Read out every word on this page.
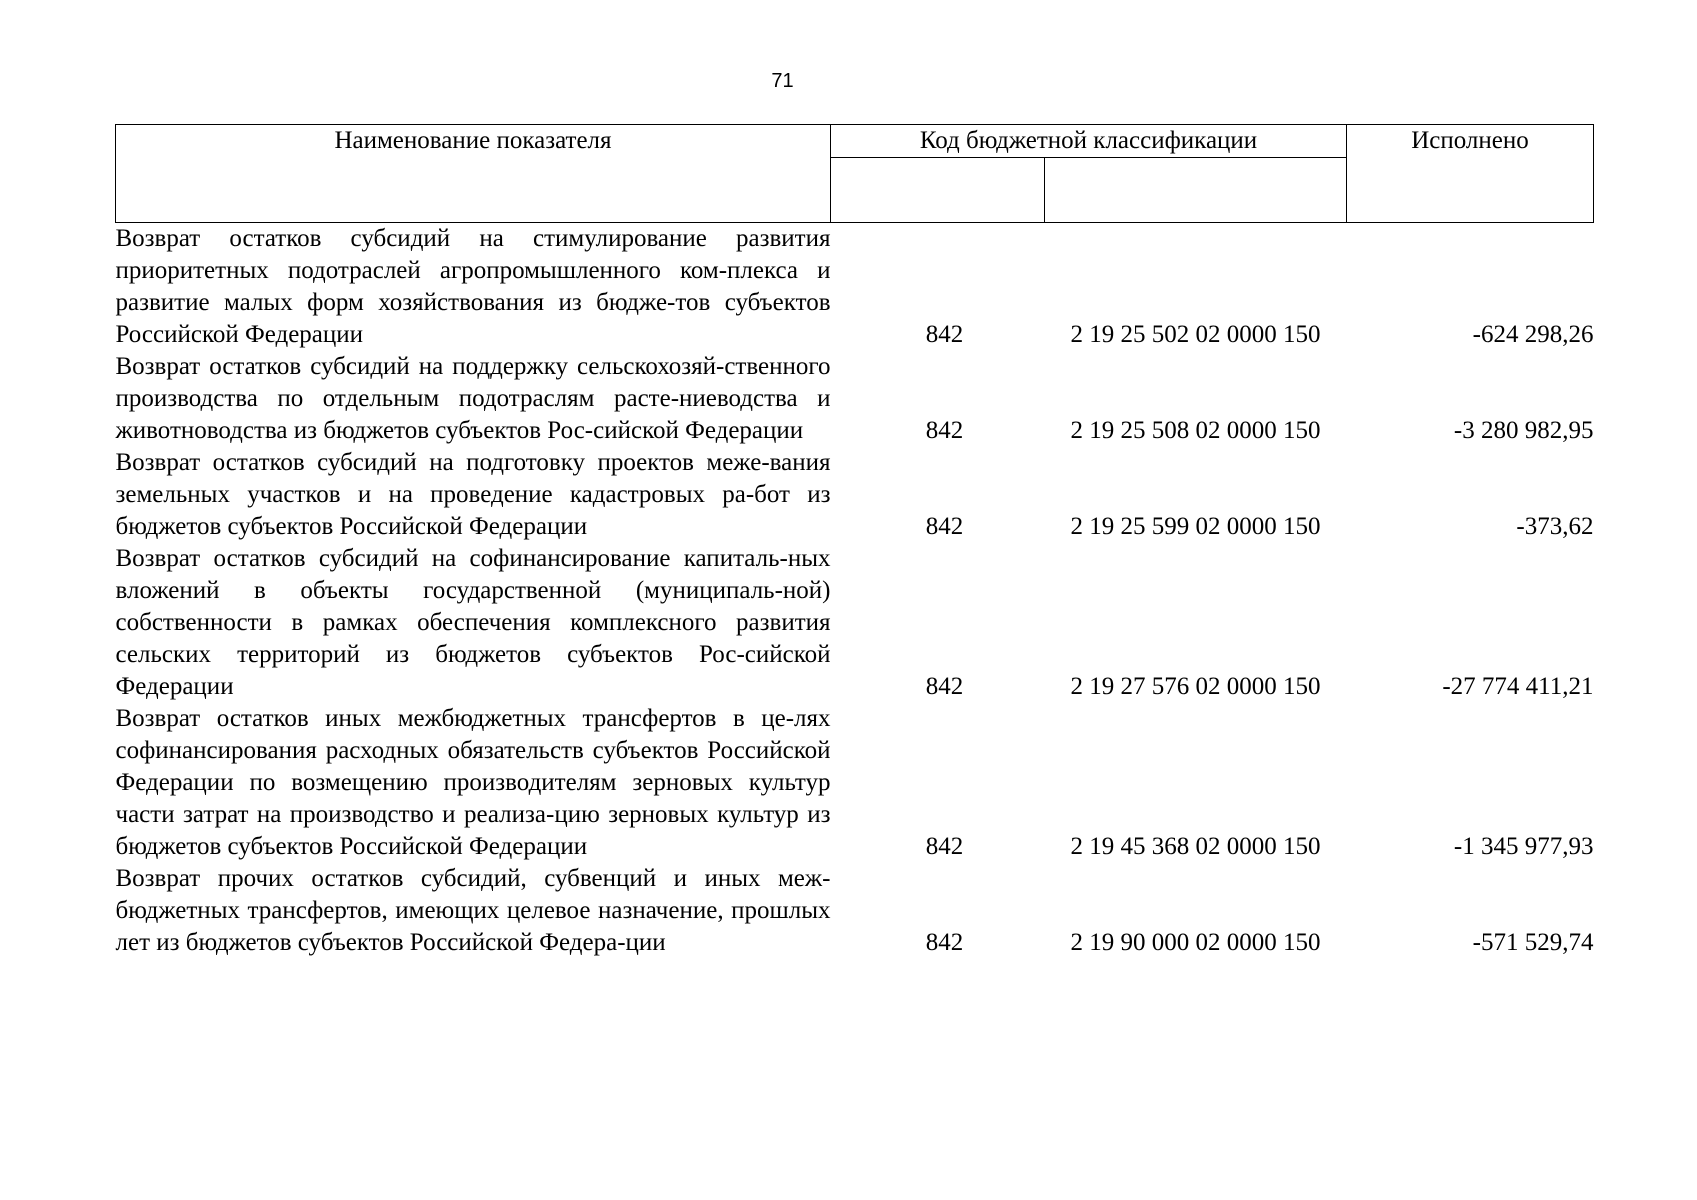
71
Наименование показателя	Код бюджетной классификации		Исполнено

Возврат остатков субсидий на стимулирование развития приоритетных подотраслей агропромышленного ком-плекса и развитие малых форм хозяйствования из бюдже-тов субъектов Российской Федерации	842	2 19 25 502 02 0000 150	-624 298,26
Возврат остатков субсидий на поддержку сельскохозяй-ственного производства по отдельным подотраслям расте-ниеводства и животноводства из бюджетов субъектов Рос-сийской Федерации	842	2 19 25 508 02 0000 150	-3 280 982,95
Возврат остатков субсидий на подготовку проектов меже-вания земельных участков и на проведение кадастровых ра-бот из бюджетов субъектов Российской Федерации	842	2 19 25 599 02 0000 150	-373,62
Возврат остатков субсидий на софинансирование капиталь-ных вложений в объекты государственной (муниципаль-ной) собственности в рамках обеспечения комплексного развития сельских территорий из бюджетов субъектов Рос-сийской Федерации	842	2 19 27 576 02 0000 150	-27 774 411,21
Возврат остатков иных межбюджетных трансфертов в це-лях софинансирования расходных обязательств субъектов Российской Федерации по возмещению производителям зерновых культур части затрат на производство и реализа-цию зерновых культур из бюджетов субъектов Российской Федерации	842	2 19 45 368 02 0000 150	-1 345 977,93
Возврат прочих остатков субсидий, субвенций и иных меж-бюджетных трансфертов, имеющих целевое назначение, прошлых лет из бюджетов субъектов Российской Федера-ции	842	2 19 90 000 02 0000 150	-571 529,74
